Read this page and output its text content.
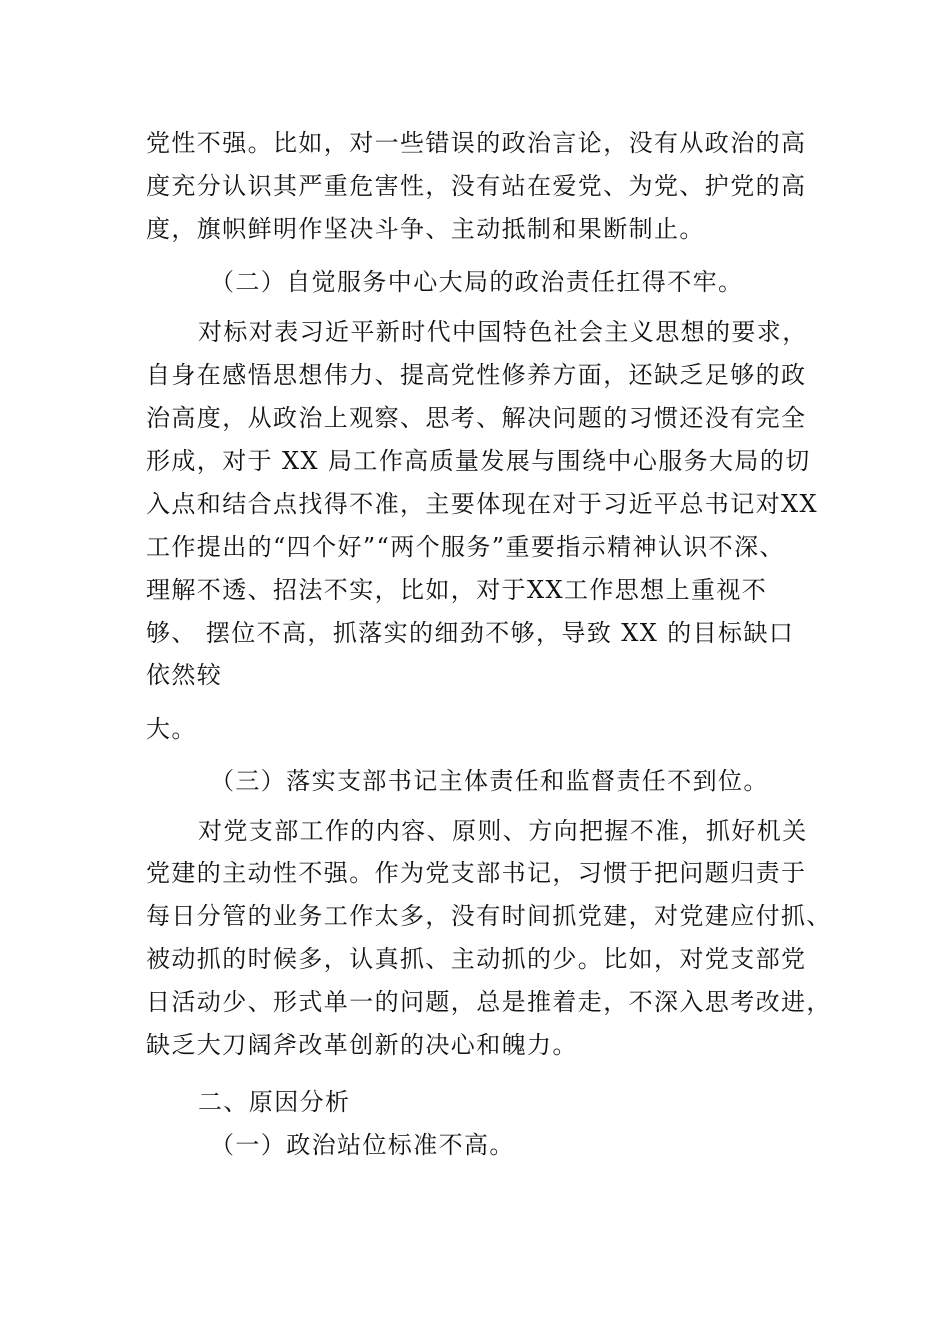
党性不强。比如，对一些错误的政治言论，没有从政治的高
度充分认识其严重危害性，没有站在爱党、为党、护党的高
度，旗帜鲜明作坚决斗争、主动抵制和果断制止。
（二）自觉服务中心大局的政治责任扛得不牢。
对标对表习近平新时代中国特色社会主义思想的要求，
自身在感悟思想伟力、提高党性修养方面，还缺乏足够的政
治高度，从政治上观察、思考、解决问题的习惯还没有完全
形成，对于 XX 局工作高质量发展与围绕中心服务大局的切
入点和结合点找得不准，主要体现在对于习近平总书记对XX
工作提出的“四个好”“两个服务”重要指示精神认识不深、
理解不透、招法不实，比如，对于XX工作思想上重视不
够、 摆位不高，抓落实的细劲不够，导致 XX 的目标缺口
依然较
大。
（三）落实支部书记主体责任和监督责任不到位。
对党支部工作的内容、原则、方向把握不准，抓好机关
党建的主动性不强。作为党支部书记，习惯于把问题归责于
每日分管的业务工作太多，没有时间抓党建，对党建应付抓、
被动抓的时候多，认真抓、主动抓的少。比如，对党支部党
日活动少、形式单一的问题，总是推着走，不深入思考改进，
缺乏大刀阔斧改革创新的决心和魄力。
二、原因分析
（一）政治站位标准不高。
